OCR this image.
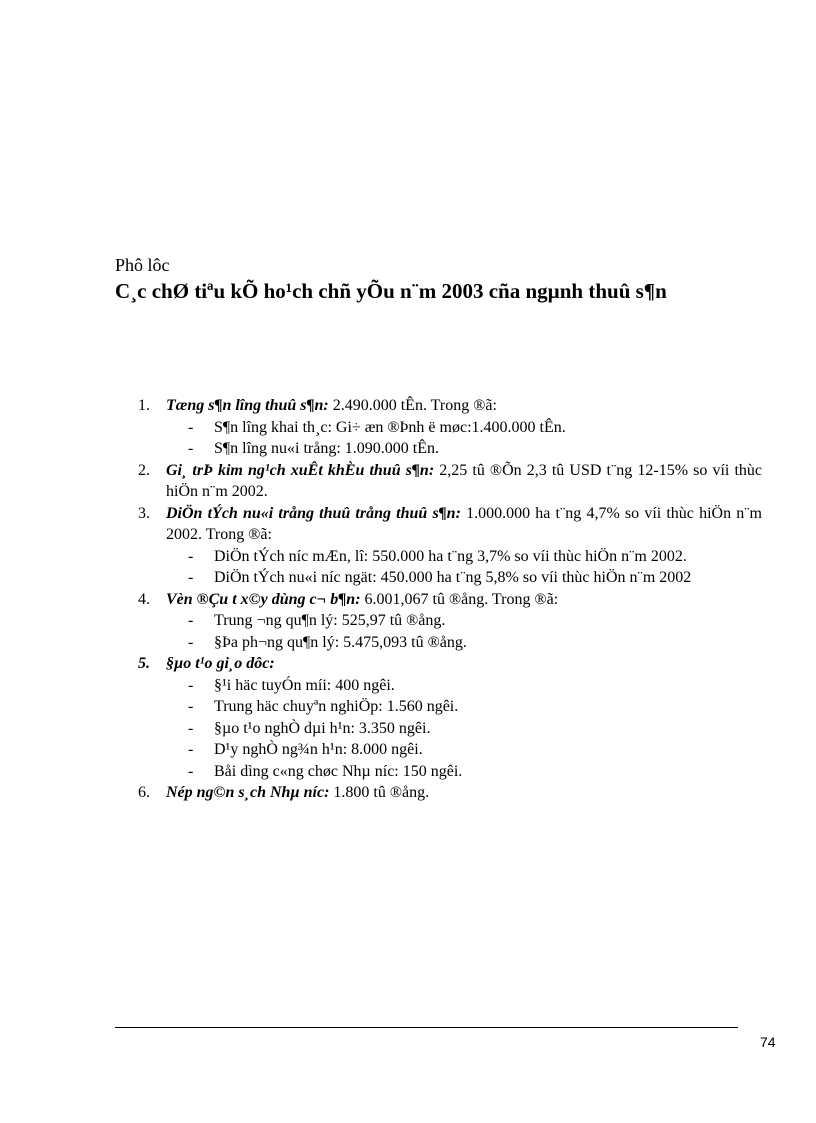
Phô lôc
C¸c chØ tiªu kÕ ho¹ch chñ yÕu n¨m 2003 cña ngµnh thuû s¶n
1. Tæng s¶n lîng thuû s¶n: 2.490.000 tÊn. Trong ®ã:
- S¶n lîng khai th¸c: Gi÷ æn ®Þnh ë møc:1.400.000 tÊn.
- S¶n lîng nu«i trång: 1.090.000 tÊn.
2. Gi¸ trÞ kim ng¹ch xuÊt khÈu thuû s¶n: 2,25 tû ®Õn 2,3 tû USD t¨ng 12-15% so víi thùc hiÖn n¨m 2002.
3. DiÖn tÝch nu«i trång thuû trång thuû s¶n: 1.000.000 ha t¨ng 4,7% so víi thùc hiÖn n¨m 2002. Trong ®ã:
- DiÖn tÝch níc mÆn, lî: 550.000 ha t¨ng 3,7% so víi thùc hiÖn n¨m 2002.
- DiÖn tÝch nu«i níc ngät: 450.000 ha t¨ng 5,8% so víi thùc hiÖn n¨m 2002
4. Vèn ®Çu t x©y dùng c¬ b¶n: 6.001,067 tû ®ång. Trong ®ã:
- Trung ¬ng qu¶n lý: 525,97 tû ®ång.
- §Þa ph¬ng qu¶n lý: 5.475,093 tû ®ång.
5. §µo t¹o gi¸o dôc:
- §¹i häc tuyÓn míi: 400 ngêi.
- Trung häc chuyªn nghiÖp: 1.560 ngêi.
- §µo t¹o nghÒ dµi h¹n: 3.350 ngêi.
- D¹y nghÒ ng¾n h¹n: 8.000 ngêi.
- Båi dìng c«ng chøc Nhµ níc: 150 ngêi.
6. Nép ng©n s¸ch Nhµ níc: 1.800 tû ®ång.
74
